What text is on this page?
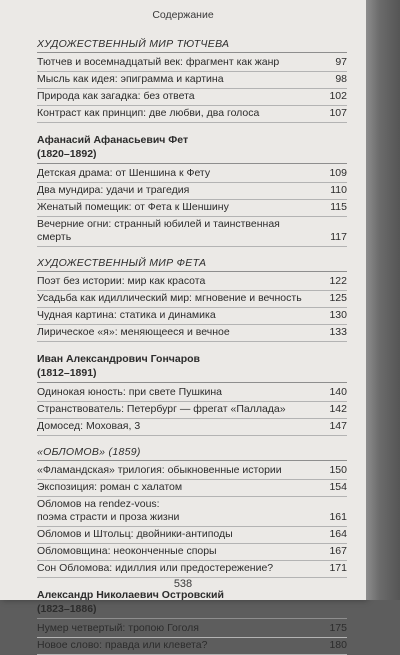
Содержание
ХУДОЖЕСТВЕННЫЙ МИР ТЮТЧЕВА
Тютчев и восемнадцатый век: фрагмент как жанр	97
Мысль как идея: эпиграмма и картина	98
Природа как загадка: без ответа	102
Контраст как принцип: две любви, два голоса	107
Афанасий Афанасьевич Фет
(1820–1892)
Детская драма: от Шеншина к Фету	109
Два мундира: удачи и трагедия	110
Женатый помещик: от Фета к Шеншину	115
Вечерние огни: странный юбилей и таинственная
смерть	117
ХУДОЖЕСТВЕННЫЙ МИР ФЕТА
Поэт без истории: мир как красота	122
Усадьба как идиллический мир: мгновение и вечность	125
Чудная картина: статика и динамика	130
Лирическое «я»: меняющееся и вечное	133
Иван Александрович Гончаров
(1812–1891)
Одинокая юность: при свете Пушкина	140
Странствователь: Петербург — фрегат «Паллада»	142
Домосед: Моховая, 3	147
«ОБЛОМОВ» (1859)
«Фламандская» трилогия: обыкновенные истории	150
Экспозиция: роман с халатом	154
Обломов на rendez-vous:
поэма страсти и проза жизни	161
Обломов и Штольц: двойники-антиподы	164
Обломовщина: неоконченные споры	167
Сон Обломова: идиллия или предостережение?	171
Александр Николаевич Островский
(1823–1886)
Нумер четвертый: тропою Гоголя	175
Новое слово: правда или клевета?	180
538
